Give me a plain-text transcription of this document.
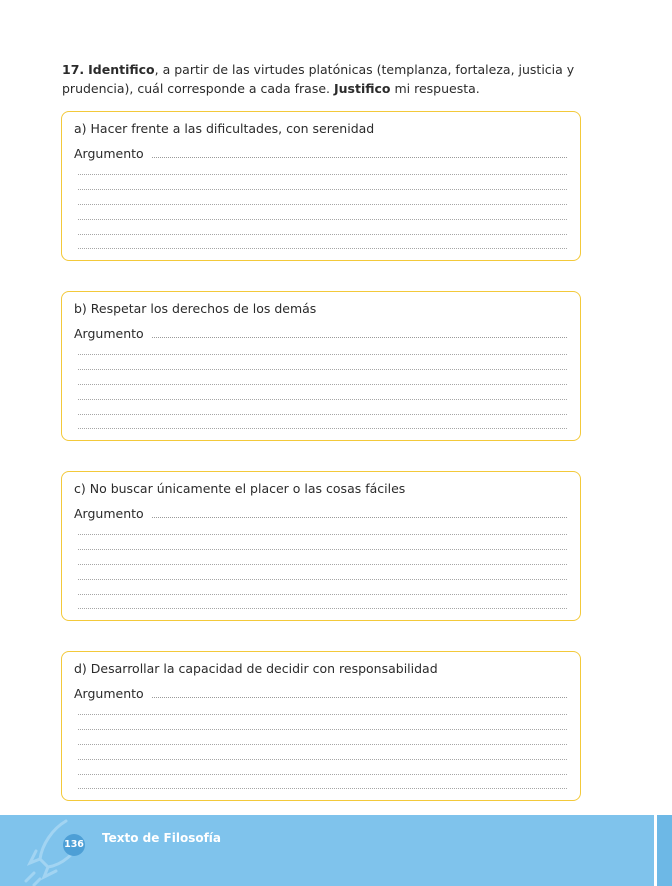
17. Identifico, a partir de las virtudes platónicas (templanza, fortaleza, justicia y prudencia), cuál corresponde a cada frase. Justifico mi respuesta.
a) Hacer frente a las dificultades, con serenidad
Argumento
b) Respetar los derechos de los demás
Argumento
c) No buscar únicamente el placer o las cosas fáciles
Argumento
d) Desarrollar la capacidad de decidir con responsabilidad
Argumento
136 Texto de Filosofía
